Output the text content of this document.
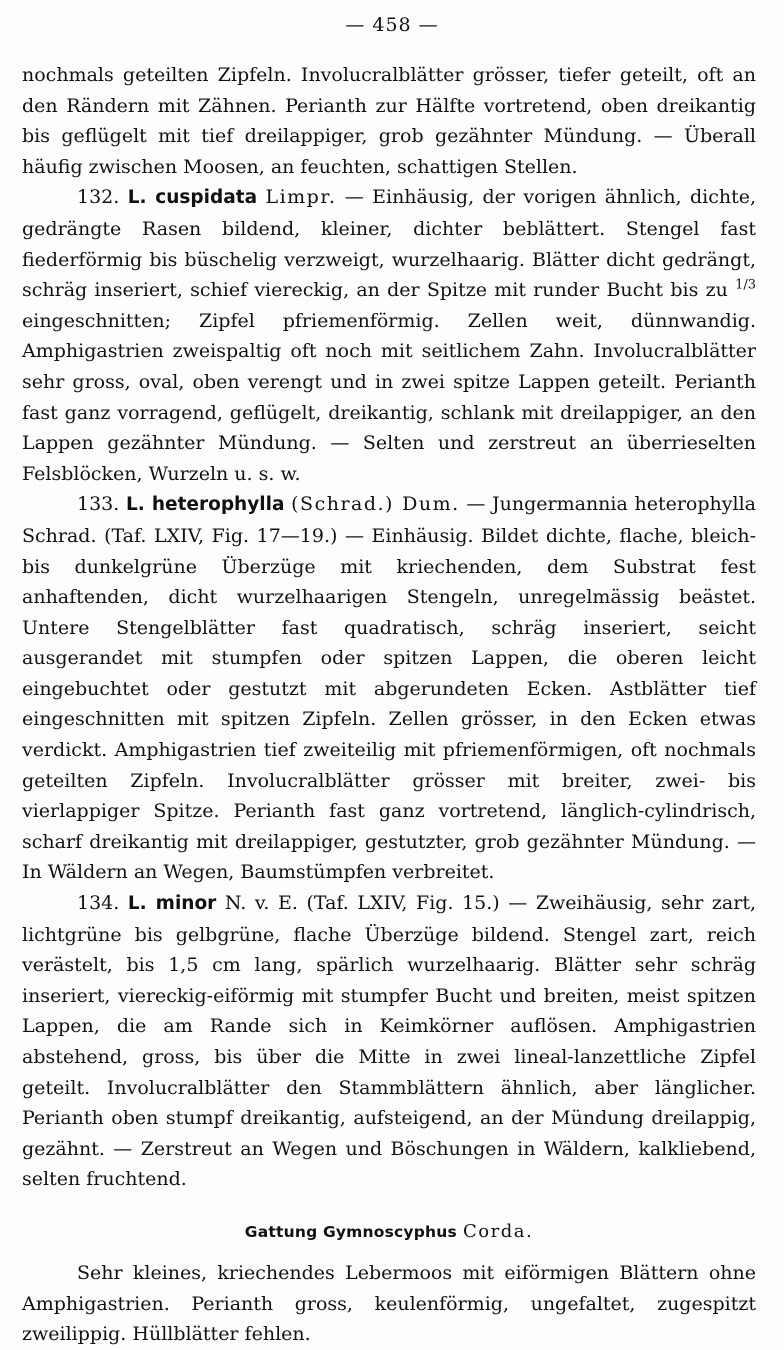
— 458 —

nochmals geteilten Zipfeln. Involucralblätter grösser, tiefer geteilt, oft an den Rändern mit Zähnen. Perianth zur Hälfte vortretend, oben dreikantig bis geflügelt mit tief dreilappiger, grob gezähnter Mündung. — Überall häufig zwischen Moosen, an feuchten, schattigen Stellen.

132. L. cuspidata Limpr. — Einhäusig, der vorigen ähnlich, dichte, gedrängte Rasen bildend, kleiner, dichter beblättert. Stengel fast fiederförmig bis büschelig verzweigt, wurzelhaarig. Blätter dicht gedrängt, schräg inseriert, schief viereckig, an der Spitze mit runder Bucht bis zu $^{1/3}$ eingeschnitten; Zipfel pfriemenförmig. Zellen weit, dünnwandig. Amphigastrien zweispaltig oft noch mit seitlichem Zahn. Involucralblätter sehr gross, oval, oben verengt und in zwei spitze Lappen geteilt. Perianth fast ganz vorragend, geflügelt, dreikantig, schlank mit dreilappiger, an den Lappen gezähnter Mündung. — Selten und zerstreut an überrieselten Felsblöcken, Wurzeln u. s. w.

133. L. heterophylla (Schrad.) Dum. — Jungermannia heterophylla Schrad. (Taf. LXIV, Fig. 17—19.) — Einhäusig. Bildet dichte, flache, bleich- bis dunkelgrüne Überzüge mit kriechenden, dem Substrat fest anhaftenden, dicht wurzelhaarigen Stengeln, unregelmässig beästet. Untere Stengelblätter fast quadratisch, schräg inseriert, seicht ausgerandet mit stumpfen oder spitzen Lappen, die oberen leicht eingebuchtet oder gestutzt mit abgerundeten Ecken. Astblätter tief eingeschnitten mit spitzen Zipfeln. Zellen grösser, in den Ecken etwas verdickt. Amphigastrien tief zweiteilig mit pfriemenförmigen, oft nochmals geteilten Zipfeln. Involucralblätter grösser mit breiter, zwei- bis vierlappiger Spitze. Perianth fast ganz vortretend, länglich-cylindrisch, scharf dreikantig mit dreilappiger, gestutzter, grob gezähnter Mündung. — In Wäldern an Wegen, Baumstümpfen verbreitet.

134. L. minor N. v. E. (Taf. LXIV, Fig. 15.) — Zweihäusig, sehr zart, lichtgrüne bis gelbgrüne, flache Überzüge bildend. Stengel zart, reich verästelt, bis 1,5 cm lang, spärlich wurzelhaarig. Blätter sehr schräg inseriert, viereckig-eiförmig mit stumpfer Bucht und breiten, meist spitzen Lappen, die am Rande sich in Keimkörner auflösen. Amphigastrien abstehend, gross, bis über die Mitte in zwei lineal-lanzettliche Zipfel geteilt. Involucralblätter den Stammblättern ähnlich, aber länglicher. Perianth oben stumpf dreikantig, aufsteigend, an der Mündung dreilappig, gezähnt. — Zerstreut an Wegen und Böschungen in Wäldern, kalkliebend, selten fruchtend.

Gattung Gymnoscyphus Corda.

Sehr kleines, kriechendes Lebermoos mit eiförmigen Blättern ohne Amphigastrien. Perianth gross, keulenförmig, ungefaltet, zugespitzt zweilippig. Hüllblätter fehlen.
